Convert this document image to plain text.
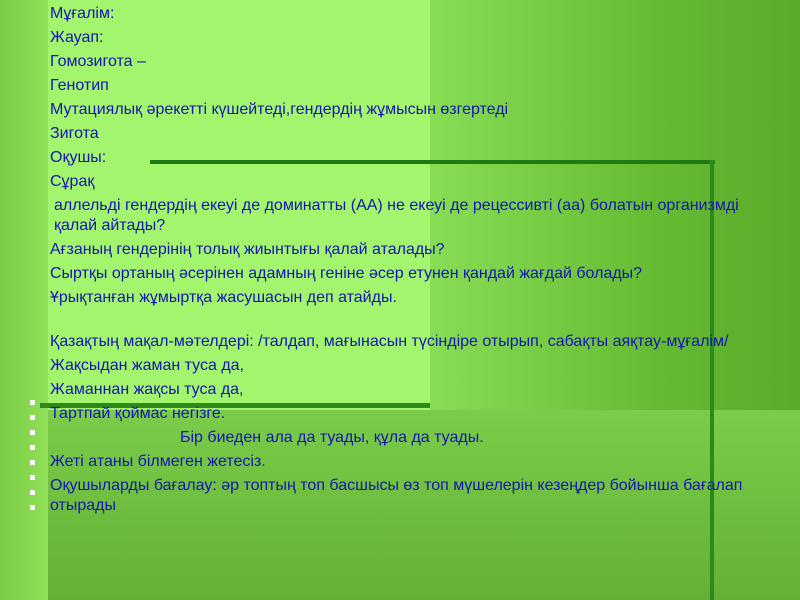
Мұғалім:

Жауап:

Гомозигота –

Генотип

Мутациялық әрекетті күшейтеді,гендердің жұмысын өзгертеді

Зигота

Оқушы:

Сұрақ

аллельді гендердің екеуі де доминатты (АА) не екеуі де рецессивті (аа) болатын организмді қалай айтады?

Ағзаның гендерінің толық жиынтығы қалай аталады?

Сыртқы ортаның әсерінен адамның геніне әсер етунен қандай жағдай болады?

Ұрықтанған жұмыртқа жасушасын деп атайды.

Қазақтың мақал-мәтелдері: /талдап, мағынасын түсіндіре отырып, сабақты аяқтау-мұғалім/

Жақсыдан жаман туса да,

Жаманнан жақсы туса да,

Тартпай қоймас негізге.

Бір биеден ала да туады, құла да туады.

Жеті атаны білмеген жетесіз.

Оқушыларды бағалау: әр топтың топ басшысы өз топ мүшелерін кезеңдер бойынша бағалап отырады
